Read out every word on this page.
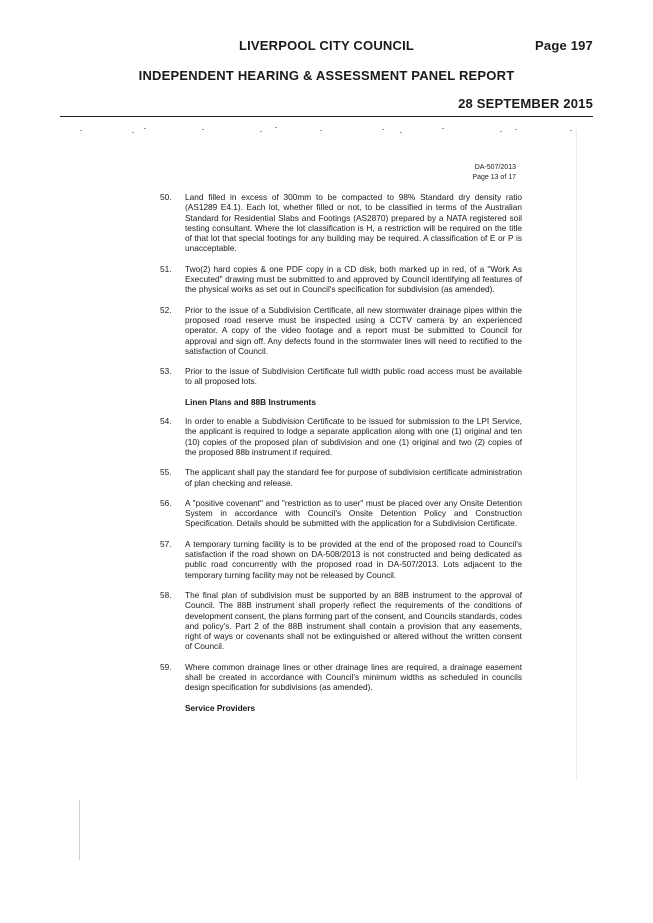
LIVERPOOL CITY COUNCIL	Page 197
INDEPENDENT HEARING & ASSESSMENT PANEL REPORT
28 SEPTEMBER 2015
DA-507/2013
Page 13 of 17
50. Land filled in excess of 300mm to be compacted to 98% Standard dry density ratio (AS1289 E4.1). Each lot, whether filled or not, to be classified in terms of the Australian Standard for Residential Slabs and Footings (AS2870) prepared by a NATA registered soil testing consultant. Where the lot classification is H, a restriction will be required on the title of that lot that special footings for any building may be required. A classification of E or P is unacceptable.
51. Two(2) hard copies & one PDF copy in a CD disk, both marked up in red, of a "Work As Executed" drawing must be submitted to and approved by Council identifying all features of the physical works as set out in Council's specification for subdivision (as amended).
52. Prior to the issue of a Subdivision Certificate, all new stormwater drainage pipes within the proposed road reserve must be inspected using a CCTV camera by an experienced operator. A copy of the video footage and a report must be submitted to Council for approval and sign off. Any defects found in the stormwater lines will need to rectified to the satisfaction of Council.
53. Prior to the issue of Subdivision Certificate full width public road access must be available to all proposed lots.
Linen Plans and 88B Instruments
54. In order to enable a Subdivision Certificate to be issued for submission to the LPI Service, the applicant is required to lodge a separate application along with one (1) original and ten (10) copies of the proposed plan of subdivision and one (1) original and two (2) copies of the proposed 88b instrument if required.
55. The applicant shall pay the standard fee for purpose of subdivision certificate administration of plan checking and release.
56. A "positive covenant" and "restriction as to user" must be placed over any Onsite Detention System in accordance with Council's Onsite Detention Policy and Construction Specification. Details should be submitted with the application for a Subdivision Certificate.
57. A temporary turning facility is to be provided at the end of the proposed road to Council's satisfaction if the road shown on DA-508/2013 is not constructed and being dedicated as public road concurrently with the proposed road in DA-507/2013. Lots adjacent to the temporary turning facility may not be released by Council.
58. The final plan of subdivision must be supported by an 88B instrument to the approval of Council. The 88B instrument shall properly reflect the requirements of the conditions of development consent, the plans forming part of the consent, and Councils standards, codes and policy's. Part 2 of the 88B instrument shall contain a provision that any easements, right of ways or covenants shall not be extinguished or altered without the written consent of Council.
59. Where common drainage lines or other drainage lines are required, a drainage easement shall be created in accordance with Council's minimum widths as scheduled in councils design specification for subdivisions (as amended).
Service Providers
